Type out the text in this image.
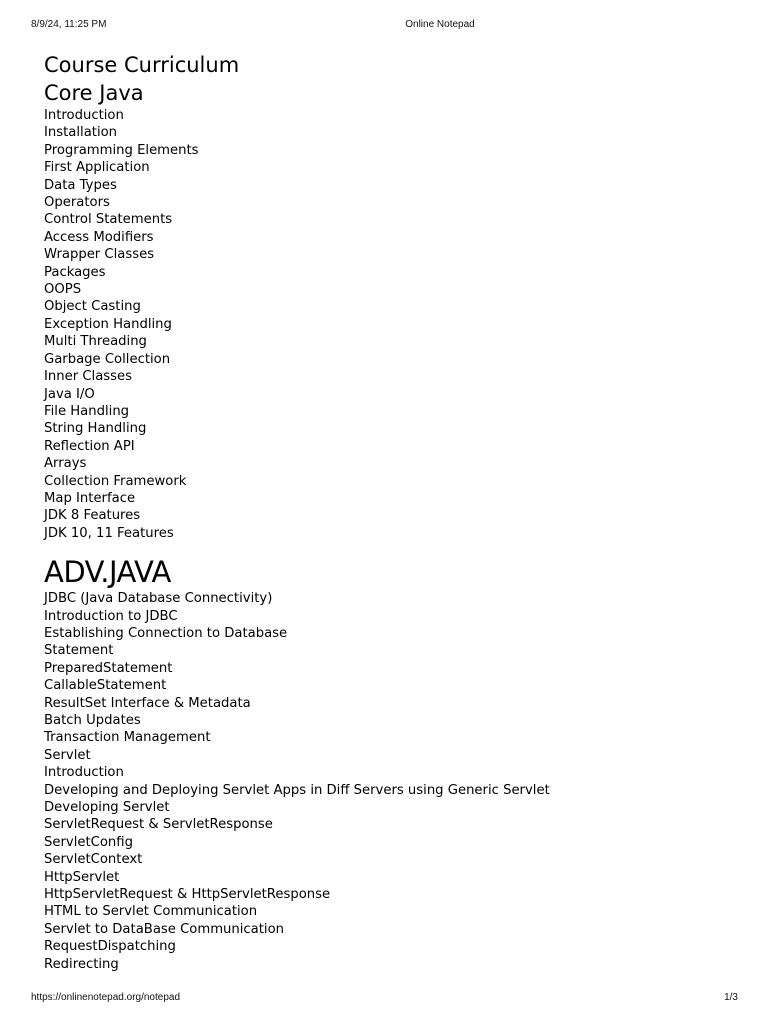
8/9/24, 11:25 PM	Online Notepad
Course Curriculum
Core Java
Introduction
Installation
Programming Elements
First Application
Data Types
Operators
Control Statements
Access Modifiers
Wrapper Classes
Packages
OOPS
Object Casting
Exception Handling
Multi Threading
Garbage Collection
Inner Classes
Java I/O
File Handling
String Handling
Reflection API
Arrays
Collection Framework
Map Interface
JDK 8 Features
JDK 10, 11 Features
ADV.JAVA
JDBC (Java Database Connectivity)
Introduction to JDBC
Establishing Connection to Database
Statement
PreparedStatement
CallableStatement
ResultSet Interface & Metadata
Batch Updates
Transaction Management
Servlet
Introduction
Developing and Deploying Servlet Apps in Diff Servers using Generic Servlet
Developing Servlet
ServletRequest & ServletResponse
ServletConfig
ServletContext
HttpServlet
HttpServletRequest & HttpServletResponse
HTML to Servlet Communication
Servlet to DataBase Communication
RequestDispatching
Redirecting
https://onlinenotepad.org/notepad	1/3
